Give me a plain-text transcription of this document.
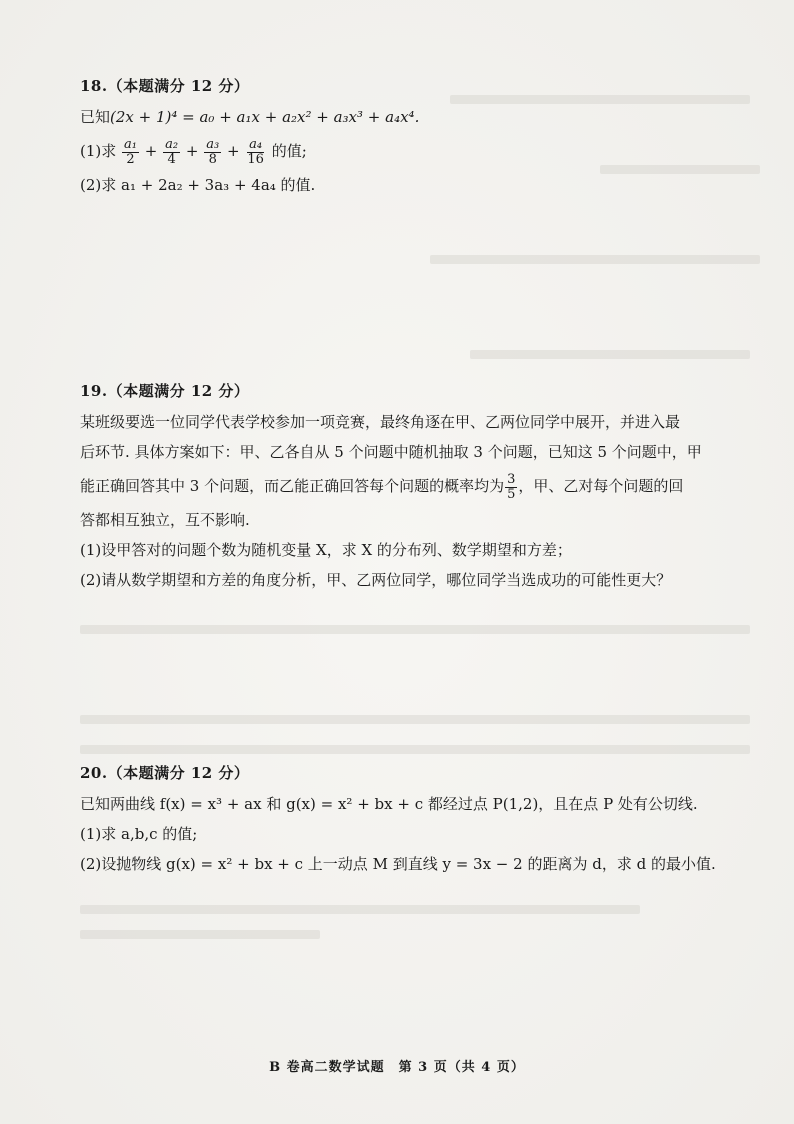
18.（本题满分 12 分）
已知(2x + 1)⁴ = a₀ + a₁x + a₂x² + a₃x³ + a₄x⁴.
(1)求 $\frac{\text{a₁}}{2} + \frac{\text{a₂}}{4} + \frac{\text{a₃}}{8} + \frac{\text{a₄}}{16}$ 的值;
(2)求 a₁ + 2a₂ + 3a₃ + 4a₄ 的值.
19.（本题满分 12 分）
某班级要选一位同学代表学校参加一项竞赛，最终角逐在甲、乙两位同学中展开，并进入最
后环节. 具体方案如下：甲、乙各自从 5 个问题中随机抽取 3 个问题，已知这 5 个问题中，甲
能正确回答其中 3 个问题，而乙能正确回答每个问题的概率均为 $\frac{3}{5}$ ，甲、乙对每个问题的回
答都相互独立，互不影响.
(1)设甲答对的问题个数为随机变量 X，求 X 的分布列、数学期望和方差；
(2)请从数学期望和方差的角度分析，甲、乙两位同学，哪位同学当选成功的可能性更大？
20.（本题满分 12 分）
已知两曲线 f(x) = x³ + ax 和 g(x) = x² + bx + c 都经过点 P(1,2)，且在点 P 处有公切线.
(1)求 a,b,c 的值;
(2)设抛物线 g(x) = x² + bx + c 上一动点 M 到直线 y = 3x − 2 的距离为 d，求 d 的最小值.
B 卷高二数学试题　第 3 页（共 4 页）
